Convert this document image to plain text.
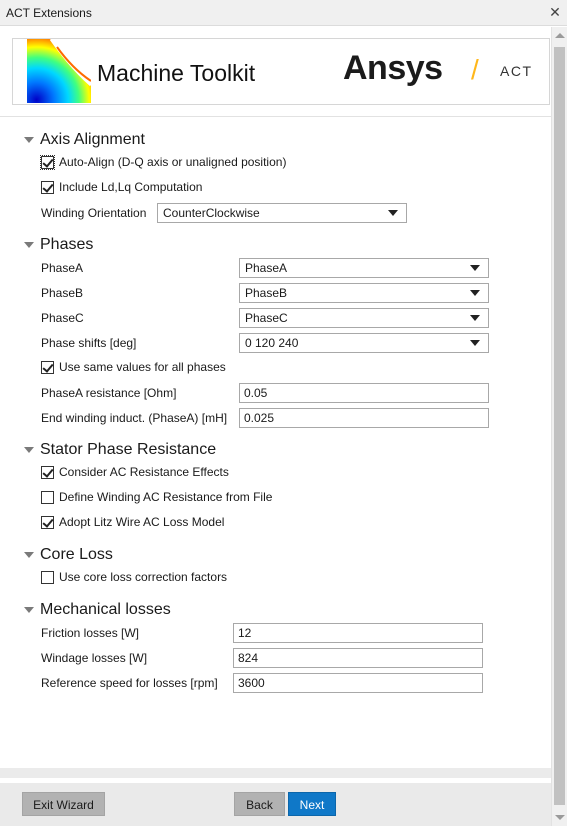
ACT Extensions	✕
Machine Toolkit	Ansys / ACT
Axis Alignment
Auto-Align (D-Q axis or unaligned position)
Include Ld,Lq Computation
Winding Orientation	CounterClockwise
Phases
PhaseA	PhaseA
PhaseB	PhaseB
PhaseC	PhaseC
Phase shifts [deg]	0 120 240
Use same values for all phases
PhaseA resistance [Ohm]	0.05
End winding induct. (PhaseA) [mH]	0.025
Stator Phase Resistance
Consider AC Resistance Effects
Define Winding AC Resistance from File
Adopt Litz Wire AC Loss Model
Core Loss
Use core loss correction factors
Mechanical losses
Friction losses [W]	12
Windage losses [W]	824
Reference speed for losses [rpm]	3600
Exit Wizard	Back	Next
